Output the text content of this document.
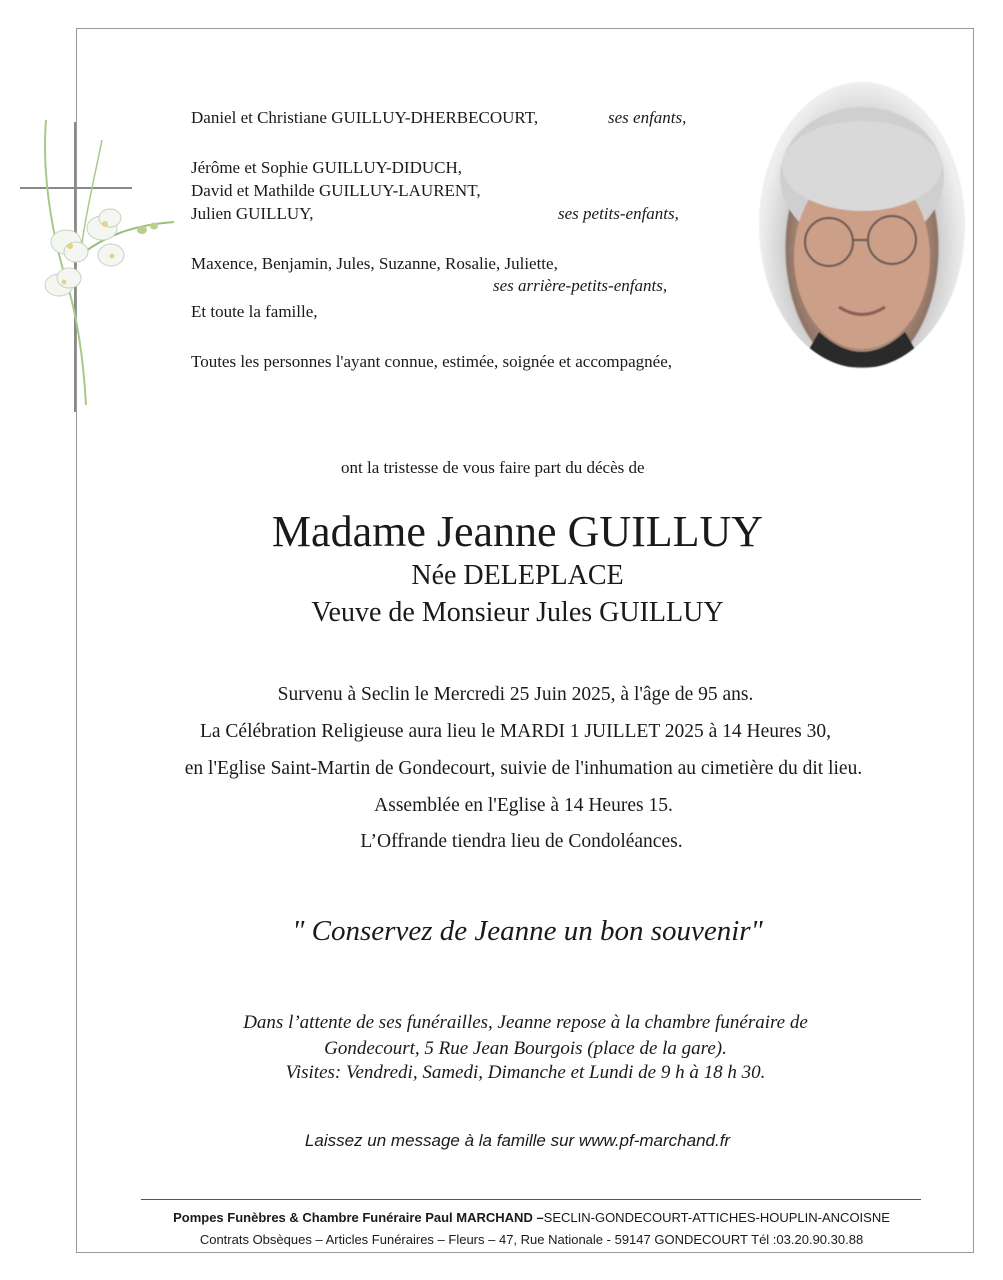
Daniel et Christiane GUILLUY-DHERBECOURT,	ses enfants,
Jérôme et Sophie GUILLUY-DIDUCH,
David et Mathilde GUILLUY-LAURENT,
Julien GUILLUY,	ses petits-enfants,
Maxence, Benjamin, Jules, Suzanne, Rosalie, Juliette,
ses arrière-petits-enfants,
Et toute la famille,
Toutes les personnes l'ayant connue, estimée, soignée et accompagnée,
ont la tristesse de vous faire part du décès de
Madame Jeanne GUILLUY
Née DELEPLACE
Veuve de Monsieur Jules GUILLUY
Survenu à Seclin le Mercredi 25 Juin 2025, à l'âge de 95 ans.
La Célébration Religieuse aura lieu le MARDI 1 JUILLET 2025 à 14 Heures 30,
en l'Eglise Saint-Martin de Gondecourt, suivie de l'inhumation au cimetière du dit lieu.
Assemblée en l'Eglise à 14 Heures 15.
L’Offrande tiendra lieu de Condoléances.
" Conservez de Jeanne un bon souvenir"
Dans l’attente de ses funérailles, Jeanne repose à la chambre funéraire de
Gondecourt, 5 Rue Jean Bourgois (place de la gare).
Visites: Vendredi, Samedi, Dimanche et Lundi de 9 h à 18 h 30.
Laissez un message à la famille sur www.pf-marchand.fr
Pompes Funèbres & Chambre Funéraire Paul MARCHAND –SECLIN-GONDECOURT-ATTICHES-HOUPLIN-ANCOISNE
Contrats Obsèques – Articles Funéraires – Fleurs – 47, Rue Nationale - 59147 GONDECOURT Tél :03.20.90.30.88
